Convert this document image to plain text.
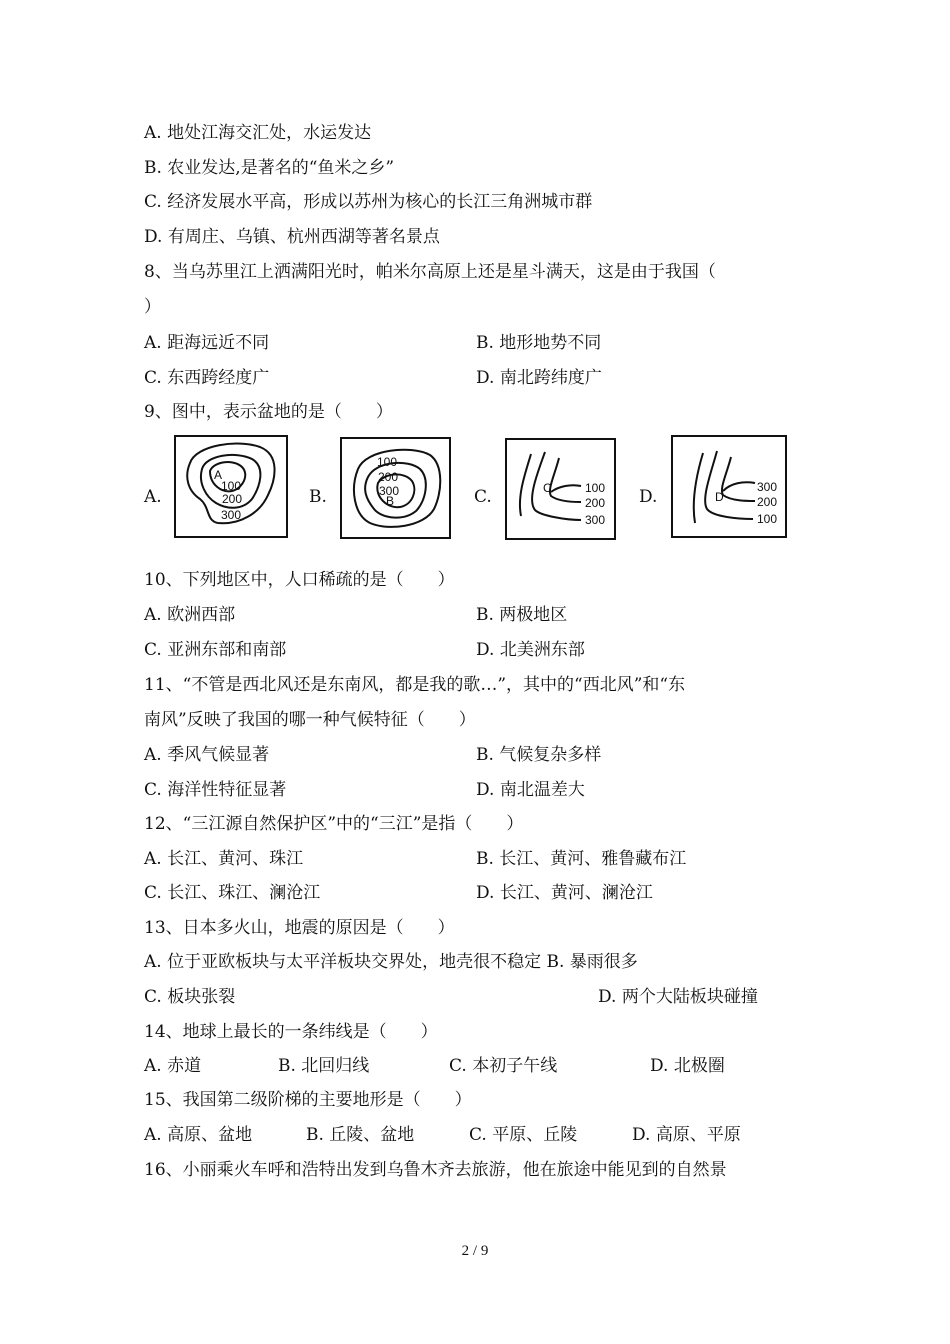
A. 地处江海交汇处，水运发达
B. 农业发达,是著名的“鱼米之乡”
C. 经济发展水平高，形成以苏州为核心的长江三角洲城市群
D. 有周庄、乌镇、杭州西湖等著名景点
8、当乌苏里江上洒满阳光时，帕米尔高原上还是星斗满天，这是由于我国（
）
A. 距海远近不同	B. 地形地势不同
C. 东西跨经度广	D. 南北跨纬度广
9、图中，表示盆地的是（　　）
A.
A
100
200
300
B.
100
200
300
B	C.	C	100
200
300
D.	D
300
200
100
10、下列地区中，人口稀疏的是（　　）
A. 欧洲西部	B. 两极地区
C. 亚洲东部和南部	D. 北美洲东部
11、“不管是西北风还是东南风，都是我的歌…”，其中的“西北风”和“东
南风”反映了我国的哪一种气候特征（　　）
A. 季风气候显著	B. 气候复杂多样
C. 海洋性特征显著	D. 南北温差大
12、“三江源自然保护区”中的“三江”是指（　　）
A. 长江、黄河、珠江	B. 长江、黄河、雅鲁藏布江
C. 长江、珠江、澜沧江	D. 长江、黄河、澜沧江
13、日本多火山，地震的原因是（　　）
A. 位于亚欧板块与太平洋板块交界处，地壳很不稳定 B. 暴雨很多
C. 板块张裂	D. 两个大陆板块碰撞
14、地球上最长的一条纬线是（　　）
A. 赤道	B. 北回归线	C. 本初子午线	D. 北极圈
15、我国第二级阶梯的主要地形是（　　）
A. 高原、盆地	B. 丘陵、盆地	C. 平原、丘陵	D. 高原、平原
16、小丽乘火车呼和浩特出发到乌鲁木齐去旅游，他在旅途中能见到的自然景
2 / 9
